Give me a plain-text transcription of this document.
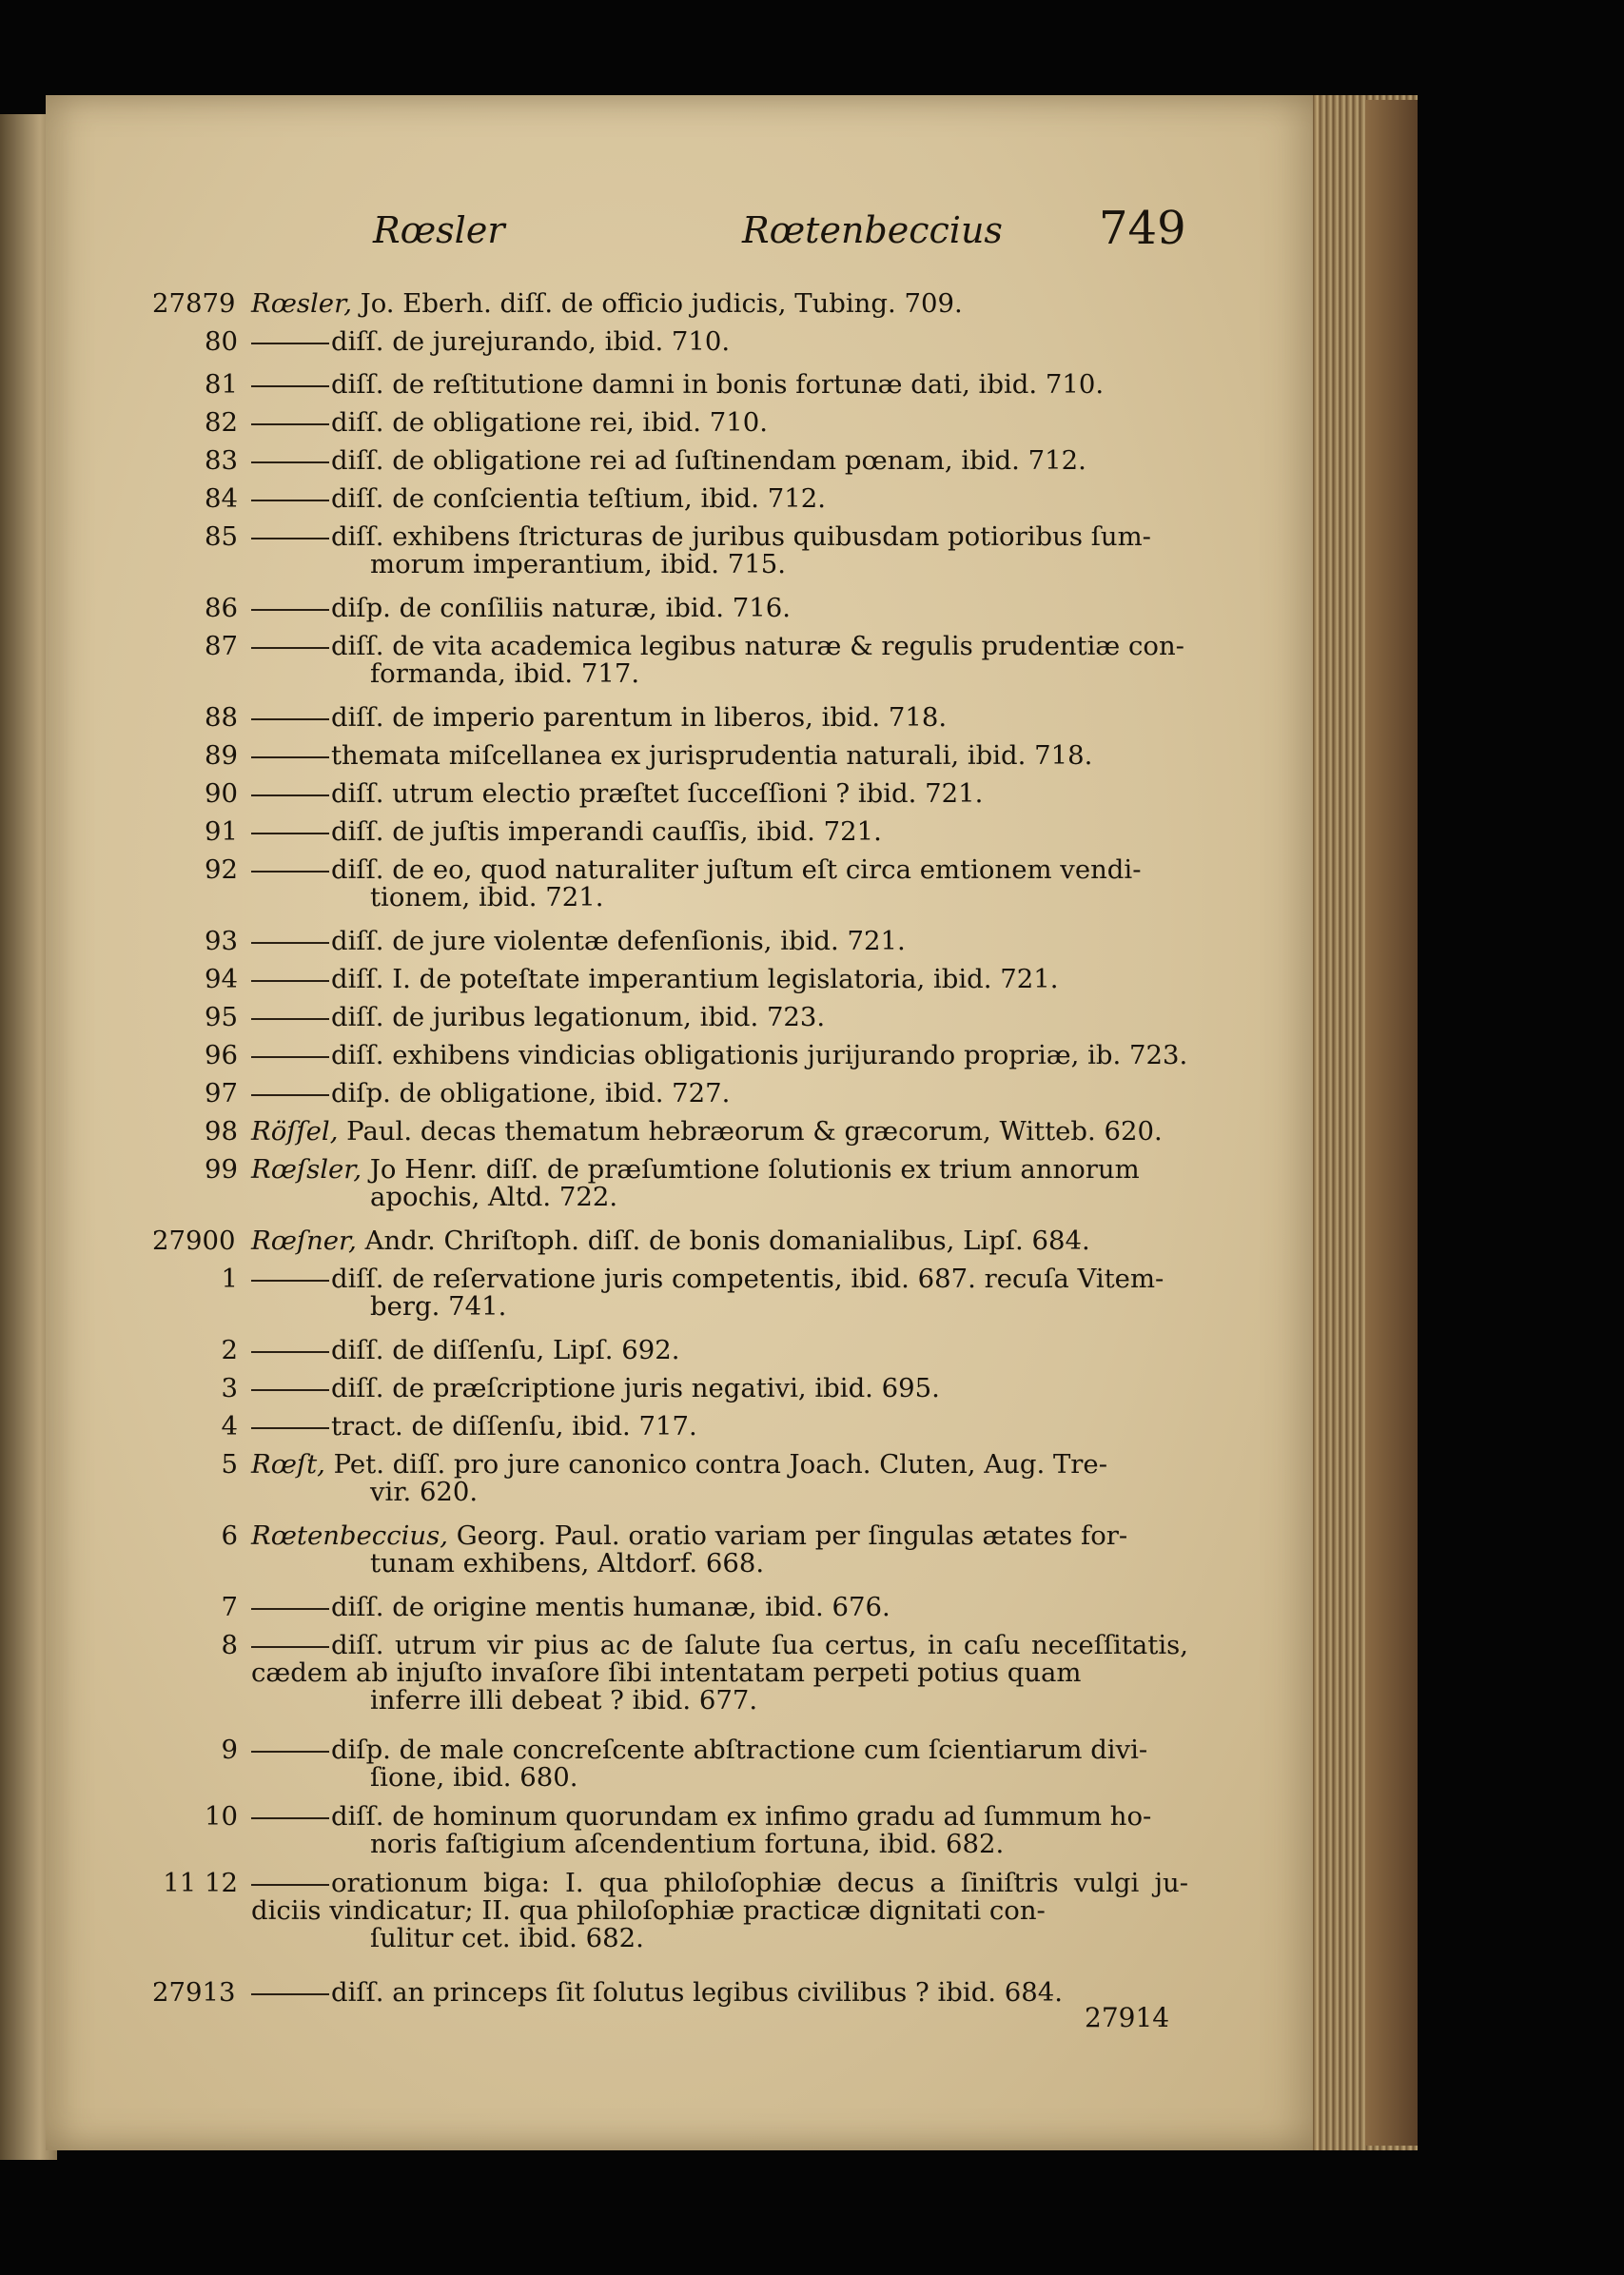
Rœsler	Rœtenbeccius 749
27879 Rœsler, Jo. Eberh. diſſ. de officio judicis, Tubing. 709.
80	diſſ. de jurejurando, ibid. 710.
81	diſſ. de reſtitutione damni in bonis fortunæ dati, ibid. 710.
82	diſſ. de obligatione rei, ibid. 710.
83	diſſ. de obligatione rei ad ſuſtinendam pœnam, ibid. 712.
84	diſſ. de conſcientia teſtium, ibid. 712.
85	diſſ. exhibens ſtricturas de juribus quibusdam potioribus ſum-
morum imperantium, ibid. 715.
86	diſp. de conſiliis naturæ, ibid. 716.
87	diſſ. de vita academica legibus naturæ & regulis prudentiæ con-
formanda, ibid. 717.
88	diſſ. de imperio parentum in liberos, ibid. 718.
89	themata miſcellanea ex jurisprudentia naturali, ibid. 718.
90	diſſ. utrum electio præſtet ſucceſſioni ? ibid. 721.
91	diſſ. de juſtis imperandi cauſſis, ibid. 721.
92	diſſ. de eo, quod naturaliter juſtum eſt circa emtionem vendi-
tionem, ibid. 721.
93	diſſ. de jure violentæ defenſionis, ibid. 721.
94	diſſ. I. de poteſtate imperantium legislatoria, ibid. 721.
95	diſſ. de juribus legationum, ibid. 723.
96	diſſ. exhibens vindicias obligationis jurijurando propriæ, ib. 723.
97	diſp. de obligatione, ibid. 727.
98 Röſſel, Paul. decas thematum hebræorum & græcorum, Witteb. 620.
99 Rœſsler, Jo Henr. diſſ. de præſumtione ſolutionis ex trium annorum
apochis, Altd. 722.
27900 Rœſner, Andr. Chriſtoph. diſſ. de bonis domanialibus, Lipſ. 684.
1	diſſ. de reſervatione juris competentis, ibid. 687. recuſa Vitem-
berg. 741.
2	diſſ. de diſſenſu, Lipſ. 692.
3	diſſ. de præſcriptione juris negativi, ibid. 695.
4	tract. de diſſenſu, ibid. 717.
5 Rœſt, Pet. diſſ. pro jure canonico contra Joach. Cluten, Aug. Tre-
vir. 620.
6 Rœtenbeccius, Georg. Paul. oratio variam per ſingulas ætates for-
tunam exhibens, Altdorf. 668.
7	diſſ. de origine mentis humanæ, ibid. 676.
8	diſſ. utrum vir pius ac de ſalute ſua certus, in caſu neceſſitatis, cædem ab injuſto invaſore ſibi intentatam perpeti potius quam
inferre illi debeat ? ibid. 677.
9	diſp. de male concreſcente abſtractione cum ſcientiarum divi-
ſione, ibid. 680.
10	diſſ. de hominum quorundam ex infimo gradu ad ſummum ho-
noris faſtigium aſcendentium fortuna, ibid. 682.
11 12	orationum biga: I. qua philoſophiæ decus a ſiniſtris vulgi ju- diciis vindicatur; II. qua philoſophiæ practicæ dignitati con-
ſulitur cet. ibid. 682.
27913	diſſ. an princeps ſit ſolutus legibus civilibus ? ibid. 684.
27914
